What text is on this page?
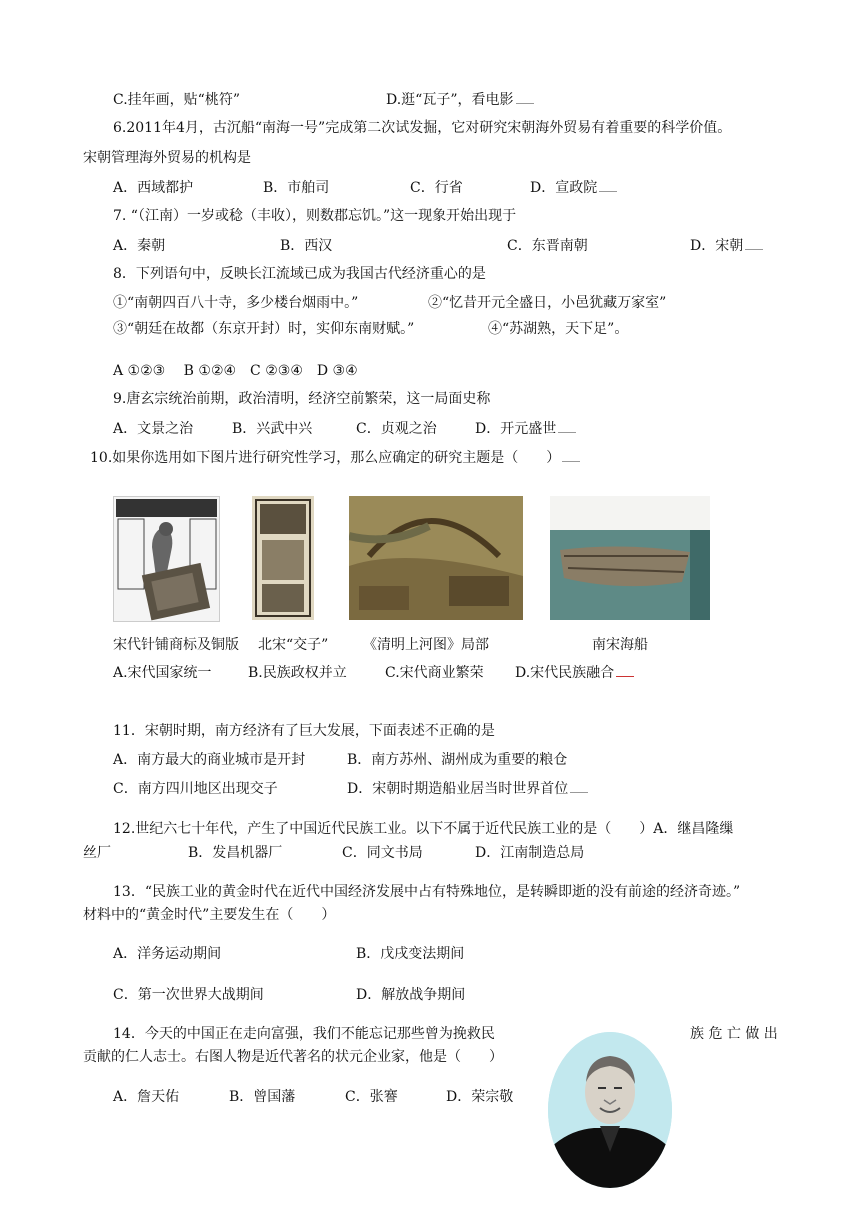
C.挂年画，贴“桃符”	D.逛“瓦子”，看电影
6.2011年4月，古沉船“南海一号”完成第二次试发掘，它对研究宋朝海外贸易有着重要的科学价值。
宋朝管理海外贸易的机构是
A．西域都护	B．市舶司	C．行省	D．宣政院
7. “（江南）一岁或稔（丰收），则数郡忘饥。”这一现象开始出现于
A．秦朝	B．西汉	C．东晋南朝	D．宋朝
8．下列语句中，反映长江流域已成为我国古代经济重心的是
①“南朝四百八十寺，多少楼台烟雨中。”	②“忆昔开元全盛日，小邑犹藏万家室”
③“朝廷在故都（东京开封）时，实仰东南财赋。”	④“苏湖熟，天下足”。
A ①②③　 B ①②④　C ②③④　D ③④
9.唐玄宗统治前期，政治清明，经济空前繁荣，这一局面史称
A．文景之治	B．兴武中兴	C．贞观之治	D．开元盛世
10.如果你选用如下图片进行研究性学习，那么应确定的研究主题是（　　）
宋代针铺商标及铜版 北宋“交子” 《清明上河图》局部	南宋海船
A.宋代国家统一	B.民族政权并立	C.宋代商业繁荣 D.宋代民族融合
11．宋朝时期，南方经济有了巨大发展，下面表述不正确的是
A．南方最大的商业城市是开封	B．南方苏州、湖州成为重要的粮仓
C．南方四川地区出现交子	D．宋朝时期造船业居当时世界首位
12.世纪六七十年代，产生了中国近代民族工业。以下不属于近代民族工业的是（　　）A．继昌隆缫
丝厂	B．发昌机器厂	C．同文书局	D．江南制造总局
13．“民族工业的黄金时代在近代中国经济发展中占有特殊地位，是转瞬即逝的没有前途的经济奇迹。”
材料中的“黄金时代”主要发生在（　　）
A．洋务运动期间	B．戊戌变法期间
C．第一次世界大战期间	D．解放战争期间
14．今天的中国正在走向富强，我们不能忘记那些曾为挽救民	族 危 亡 做 出
贡献的仁人志士。右图人物是近代著名的状元企业家，他是（　　）
A．詹天佑	B．曾国藩	C．张謇	D．荣宗敬
